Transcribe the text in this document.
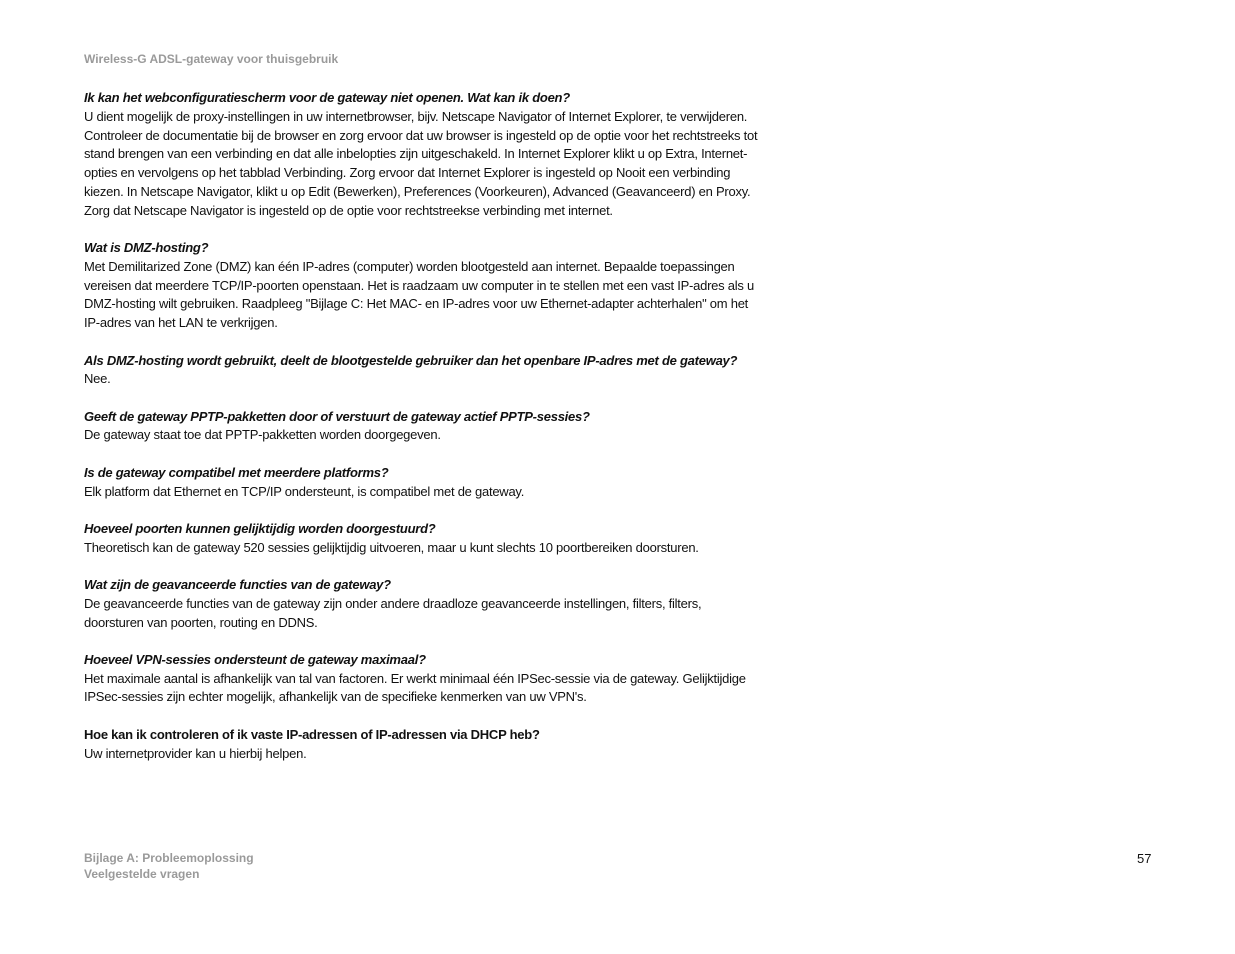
Wireless-G ADSL-gateway voor thuisgebruik

Ik kan het webconfiguratiescherm voor de gateway niet openen. Wat kan ik doen?

U dient mogelijk de proxy-instellingen in uw internetbrowser, bijv. Netscape Navigator of Internet Explorer, te verwijderen. Controleer de documentatie bij de browser en zorg ervoor dat uw browser is ingesteld op de optie voor het rechtstreeks tot stand brengen van een verbinding en dat alle inbelopties zijn uitgeschakeld. In Internet Explorer klikt u op Extra, Internet-opties en vervolgens op het tabblad Verbinding. Zorg ervoor dat Internet Explorer is ingesteld op Nooit een verbinding kiezen. In Netscape Navigator, klikt u op Edit (Bewerken), Preferences (Voorkeuren), Advanced (Geavanceerd) en Proxy. Zorg dat Netscape Navigator is ingesteld op de optie voor rechtstreekse verbinding met internet.

Wat is DMZ-hosting?

Met Demilitarized Zone (DMZ) kan één IP-adres (computer) worden blootgesteld aan internet. Bepaalde toepassingen vereisen dat meerdere TCP/IP-poorten openstaan. Het is raadzaam uw computer in te stellen met een vast IP-adres als u DMZ-hosting wilt gebruiken. Raadpleeg "Bijlage C: Het MAC- en IP-adres voor uw Ethernet-adapter achterhalen" om het IP-adres van het LAN te verkrijgen.

Als DMZ-hosting wordt gebruikt, deelt de blootgestelde gebruiker dan het openbare IP-adres met de gateway?

Nee.

Geeft de gateway PPTP-pakketten door of verstuurt de gateway actief PPTP-sessies?

De gateway staat toe dat PPTP-pakketten worden doorgegeven.

Is de gateway compatibel met meerdere platforms?

Elk platform dat Ethernet en TCP/IP ondersteunt, is compatibel met de gateway.

Hoeveel poorten kunnen gelijktijdig worden doorgestuurd?

Theoretisch kan de gateway 520 sessies gelijktijdig uitvoeren, maar u kunt slechts 10 poortbereiken doorsturen.

Wat zijn de geavanceerde functies van de gateway?

De geavanceerde functies van de gateway zijn onder andere draadloze geavanceerde instellingen, filters, filters, doorsturen van poorten, routing en DDNS.

Hoeveel VPN-sessies ondersteunt de gateway maximaal?

Het maximale aantal is afhankelijk van tal van factoren. Er werkt minimaal één IPSec-sessie via de gateway. Gelijktijdige IPSec-sessies zijn echter mogelijk, afhankelijk van de specifieke kenmerken van uw VPN's.

Hoe kan ik controleren of ik vaste IP-adressen of IP-adressen via DHCP heb?

Uw internetprovider kan u hierbij helpen.

Bijlage A: Probleemoplossing
Veelgestelde vragen
57
